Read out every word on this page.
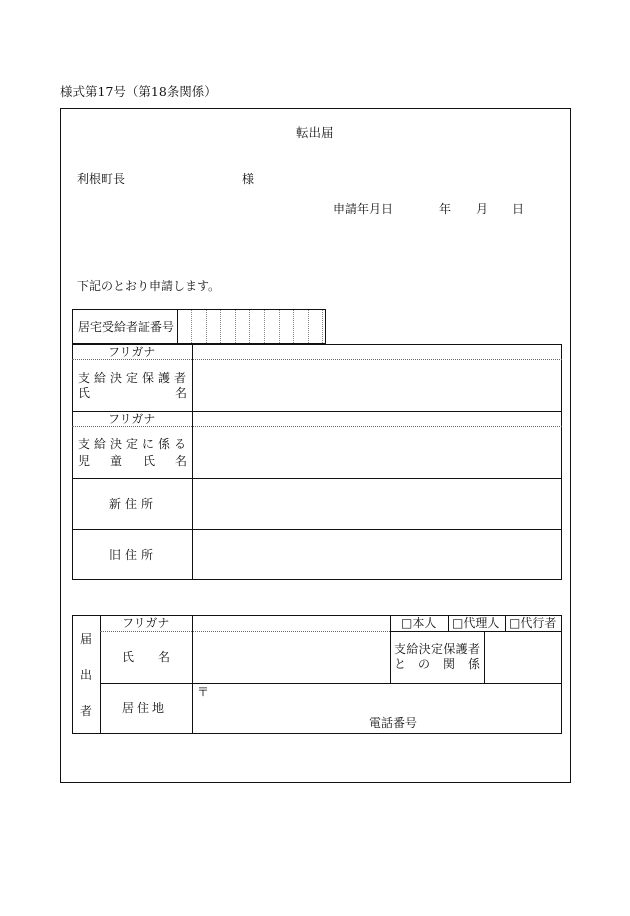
様式第17号（第18条関係）
転出届
利根町長	様
申請年月日	年 月 日
下記のとおり申請します。
居宅受給者証番号
フリガナ
支給決定保護者
氏	名
フリガナ
支給決定に係る
児 童 氏 名
新住所
旧住所
届
出
者
フリガナ
氏 名
□本人 □代理人 □代行者
支給決定保護者
と の 関 係
居住地
〒
電話番号
